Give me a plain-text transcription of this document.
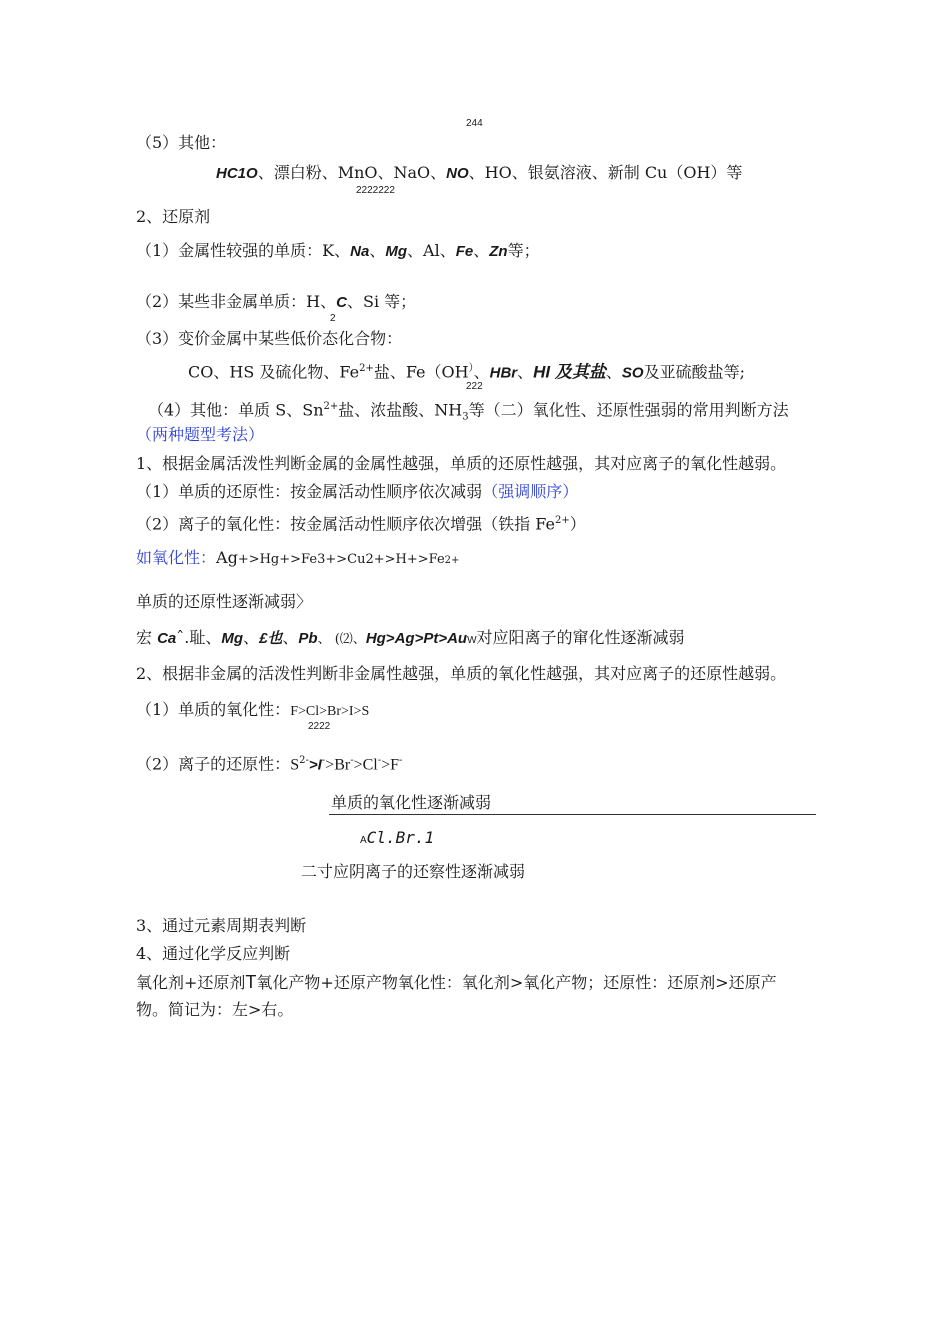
244
（5）其他：
HC1O、漂白粉、MnO、NaO、NO、HO、银氨溶液、新制 Cu（OH）等
2222222
2、还原剂
（1）金属性较强的单质：K、Na、Mg、Al、Fe、Zn等；
（2）某些非金属单质：H、C、Si 等；
2
（3）变价金属中某些低价态化合物：
CO、HS 及硫化物、$Fe^{2+}$盐、Fe（OH）、HBr、HI 及其盐、SO及亚硫酸盐等;
222
（4）其他：单质 S、$Sn^{2+}$盐、浓盐酸、$NH_3$等（二）氧化性、还原性强弱的常用判断方法
（两种题型考法）
1、根据金属活泼性判断金属的金属性越强，单质的还原性越强，其对应离子的氧化性越弱。
（1）单质的还原性：按金属活动性顺序依次减弱（强调顺序）
（2）离子的氧化性：按金属活动性顺序依次增强（铁指 $Fe^{2+}$）
如氧化性：Ag+>Hg+>Fe3+>Cu2+>H+>Fe2+
单质的还原性逐渐减弱〉
宏 Caˆ.耻、Mg、£也、Pb、 (⑵、Hg>Ag>Pt>AuW对应阳离子的窜化性逐渐减弱
2、根据非金属的活泼性判断非金属性越强，单质的氧化性越强，其对应离子的还原性越弱。
（1）单质的氧化性：F>Cl>Br>I>S
2222
（2）离子的还原性：$S^{2-}>I^->Br^->Cl^->F^-$
单质的氧化性逐渐减弱
ACl.Br.1
二寸应阴离子的还察性逐渐减弱
3、通过元素周期表判断
4、通过化学反应判断
氧化剂+还原剂T氧化产物+还原产物氧化性：氧化剂>氧化产物；还原性：还原剂>还原产
物。简记为：左>右。
